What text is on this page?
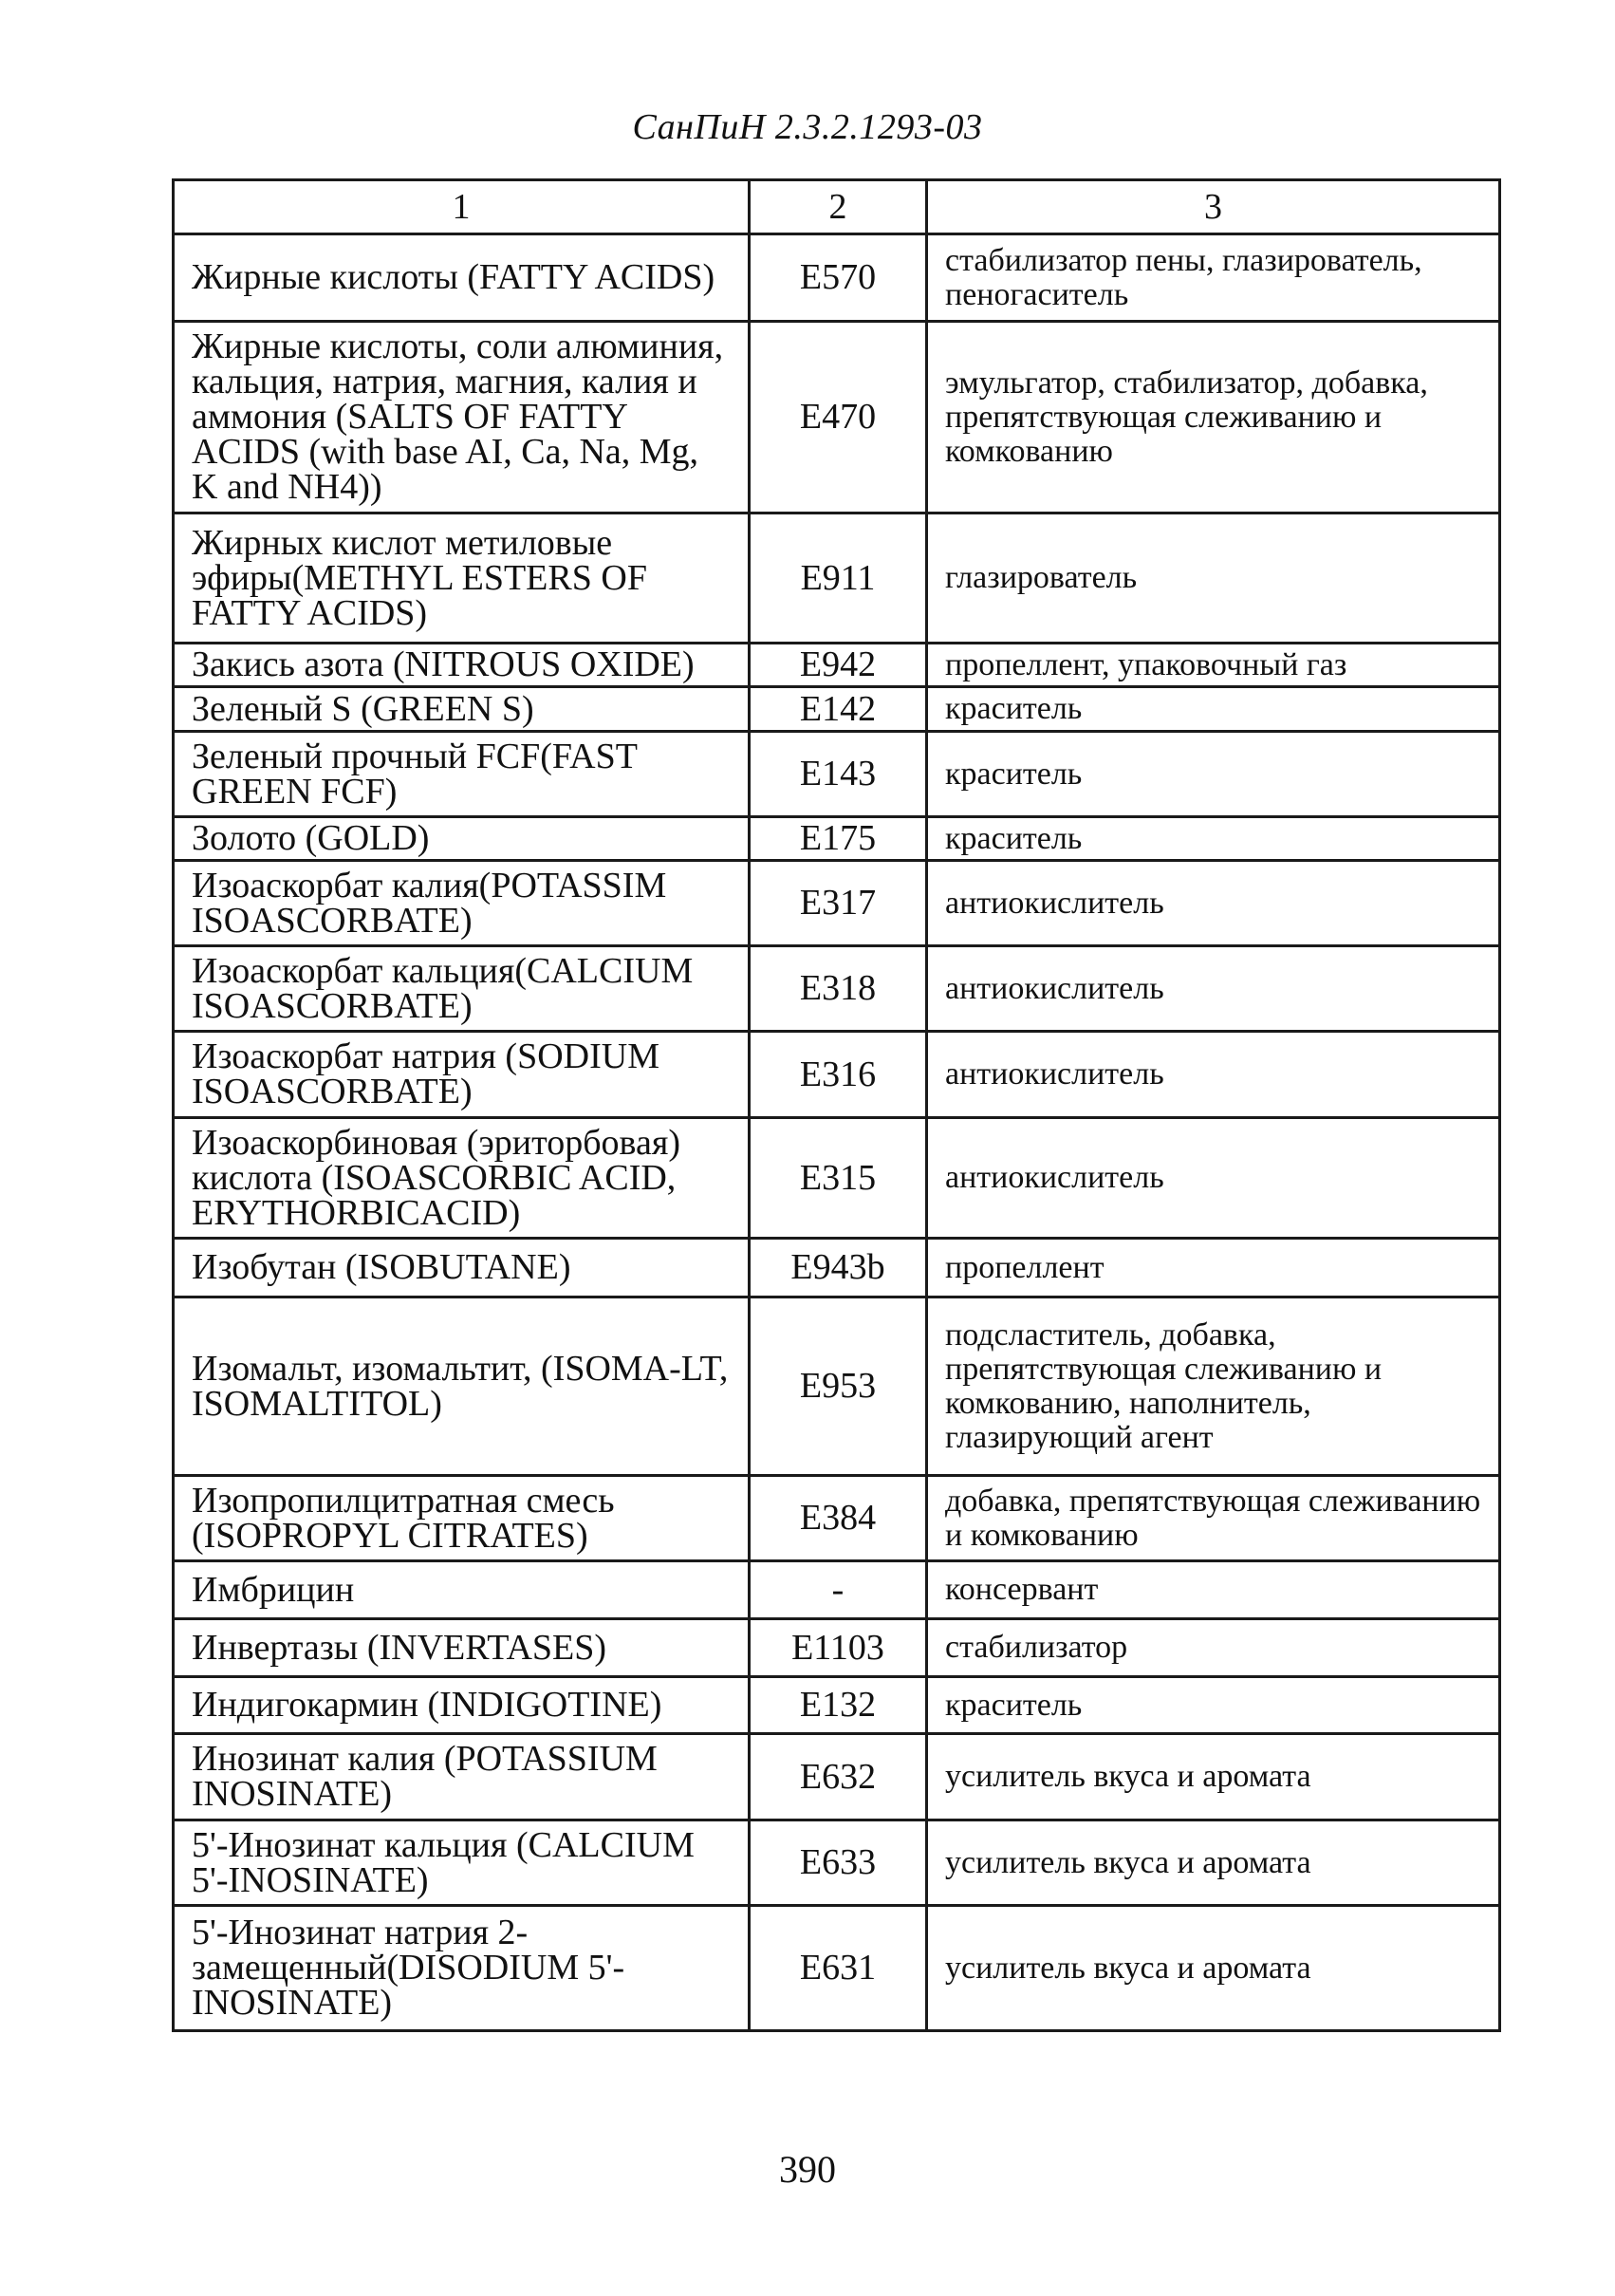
СанПиН 2.3.2.1293-03
1	2	3
Жирные кислоты (FATTY ACIDS)	E570	стабилизатор пены, глазирователь, пеногаситель
Жирные кислоты, соли алюминия, кальция, натрия, магния, калия и аммония (SALTS OF FATTY ACIDS (with base AI, Ca, Na, Mg, K and NH4))	E470	эмульгатор, стабилизатор, добавка, препятствующая слеживанию и комкованию
Жирных кислот метиловые эфиры(METHYL ESTERS OF FATTY ACIDS)	E911	глазирователь
Закись азота (NITROUS OXIDE)	E942	пропеллент, упаковочный газ
Зеленый S (GREEN S)	E142	краситель
Зеленый прочный FCF(FAST GREEN FCF)	E143	краситель
Золото (GOLD)	E175	краситель
Изоаскорбат калия(POTASSIM ISOASCORBATE)	E317	антиокислитель
Изоаскорбат кальция(CALCIUM ISOASCORBATE)	E318	антиокислитель
Изоаскорбат натрия (SODIUM ISOASCORBATE)	E316	антиокислитель
Изоаскорбиновая (эриторбовая) кислота (ISOASCORBIC ACID, ERYTHORBICACID)	E315	антиокислитель
Изобутан (ISOBUTANE)	E943b	пропеллент
Изомальт, изомальтит, (ISOMA-LT, ISOMALTITOL)	E953	подсластитель, добавка, препятствующая слеживанию и комкованию, наполнитель, глазирующий агент
Изопропилцитратная смесь (ISOPROPYL CITRATES)	E384	добавка, препятствующая слеживанию и комкованию
Имбрицин	-	консервант
Инвертазы (INVERTASES)	E1103	стабилизатор
Индигокармин (INDIGOTINE)	E132	краситель
Инозинат калия (POTASSIUM INOSINATE)	E632	усилитель вкуса и аромата
5'-Инозинат кальция (CALCIUM 5'-INOSINATE)	E633	усилитель вкуса и аромата
5'-Инозинат натрия 2-замещенный(DISODIUM 5'-INOSINATE)	E631	усилитель вкуса и аромата
390
